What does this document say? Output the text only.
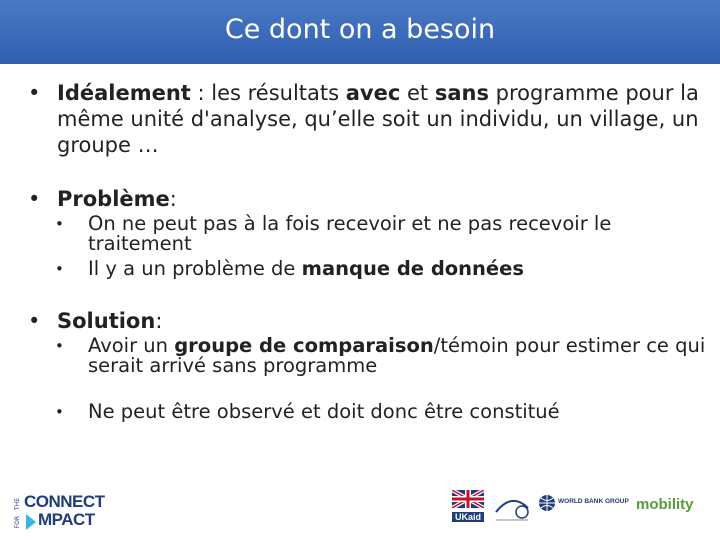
Ce dont on a besoin
• Idéalement : les résultats avec et sans programme pour la même unité d'analyse, qu’elle soit un individu, un village, un groupe …
• Problème:
• On ne peut pas à la fois recevoir et ne pas recevoir le traitement
• Il y a un problème de manque de données
• Solution:
• Avoir un groupe de comparaison/témoin pour estimer ce qui serait arrivé sans programme
• Ne peut être observé et doit donc être constitué
THE CONNECT
FOR MPACT	UKaid
WORLD BANK GROUP mobility
